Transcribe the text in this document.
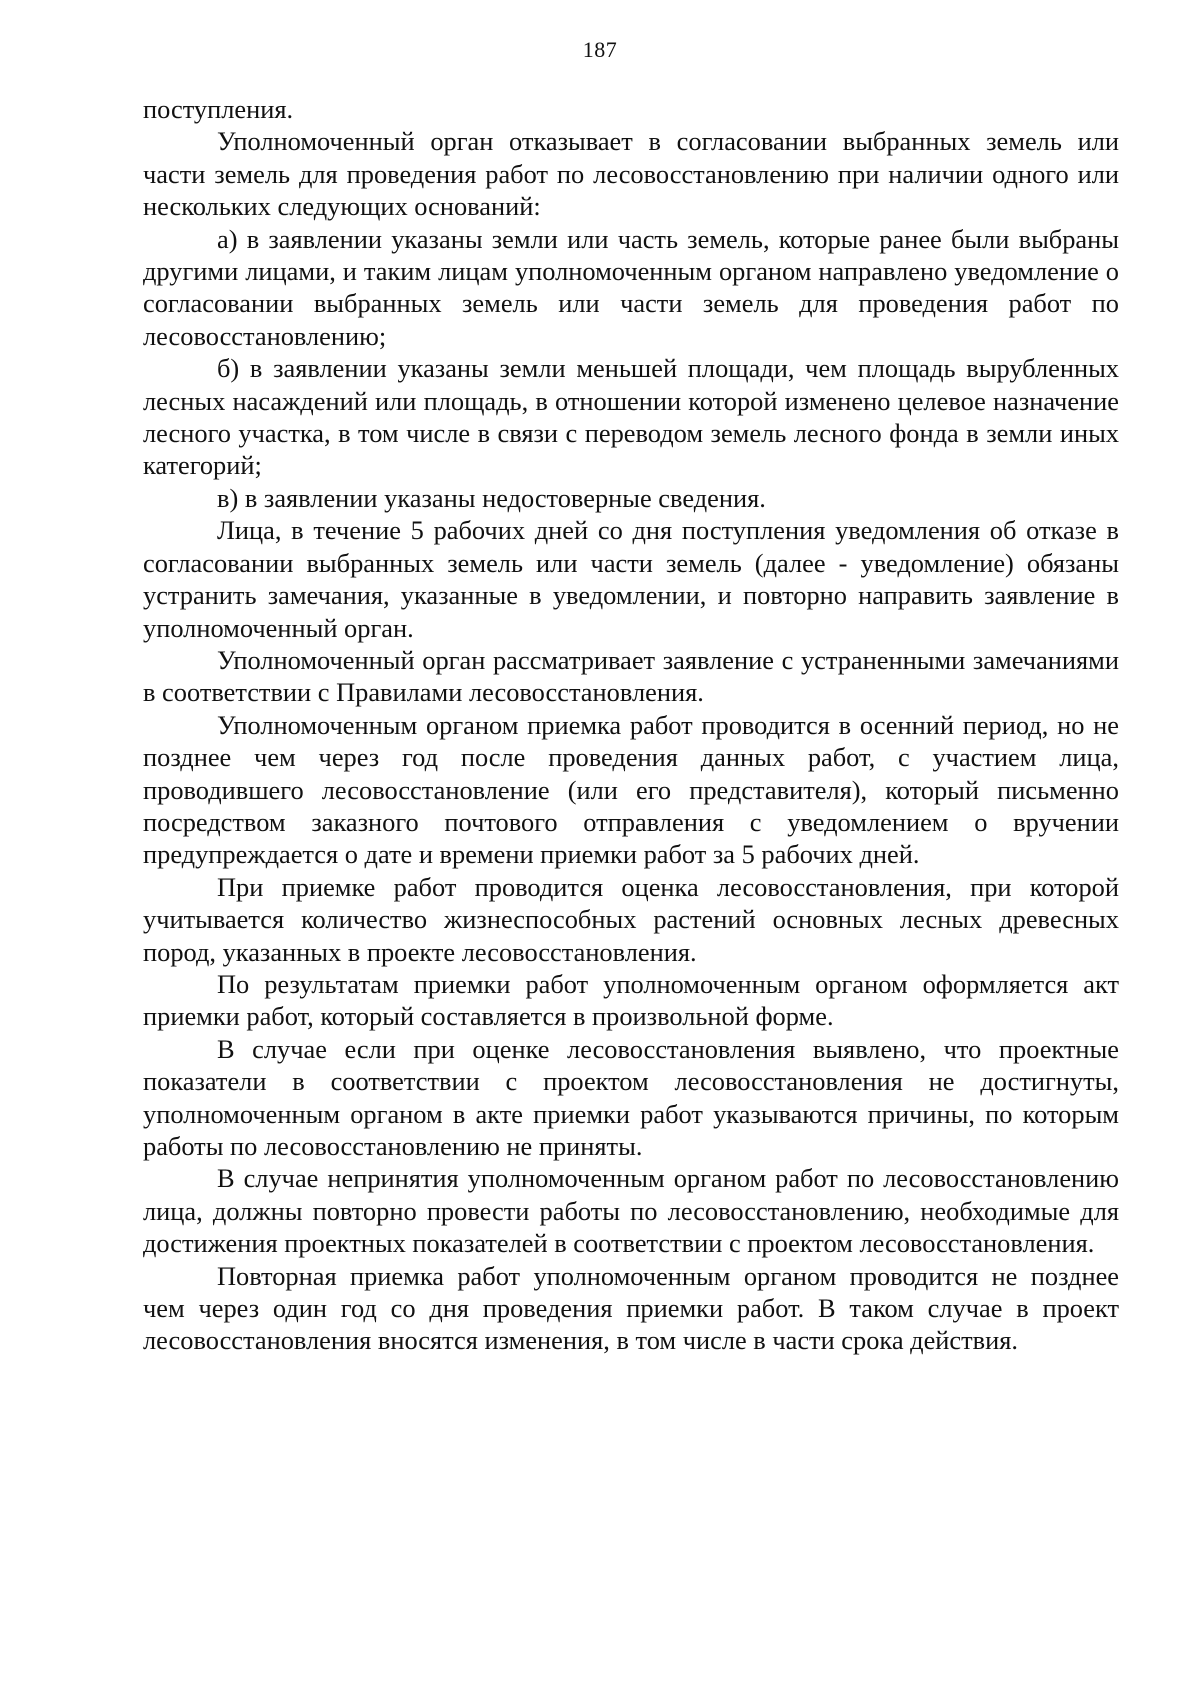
187

поступления.

Уполномоченный орган отказывает в согласовании выбранных земель или части земель для проведения работ по лесовосстановлению при наличии одного или нескольких следующих оснований:

а) в заявлении указаны земли или часть земель, которые ранее были выбраны другими лицами, и таким лицам уполномоченным органом направлено уведомление о согласовании выбранных земель или части земель для проведения работ по лесовосстановлению;

б) в заявлении указаны земли меньшей площади, чем площадь вырубленных лесных насаждений или площадь, в отношении которой изменено целевое назначение лесного участка, в том числе в связи с переводом земель лесного фонда в земли иных категорий;

в) в заявлении указаны недостоверные сведения.

Лица, в течение 5 рабочих дней со дня поступления уведомления об отказе в согласовании выбранных земель или части земель (далее - уведомление) обязаны устранить замечания, указанные в уведомлении, и повторно направить заявление в уполномоченный орган.

Уполномоченный орган рассматривает заявление с устраненными замечаниями в соответствии с Правилами лесовосстановления.

Уполномоченным органом приемка работ проводится в осенний период, но не позднее чем через год после проведения данных работ, с участием лица, проводившего лесовосстановление (или его представителя), который письменно посредством заказного почтового отправления с уведомлением о вручении предупреждается о дате и времени приемки работ за 5 рабочих дней.

При приемке работ проводится оценка лесовосстановления, при которой учитывается количество жизнеспособных растений основных лесных древесных пород, указанных в проекте лесовосстановления.

По результатам приемки работ уполномоченным органом оформляется акт приемки работ, который составляется в произвольной форме.

В случае если при оценке лесовосстановления выявлено, что проектные показатели в соответствии с проектом лесовосстановления не достигнуты, уполномоченным органом в акте приемки работ указываются причины, по которым работы по лесовосстановлению не приняты.

В случае непринятия уполномоченным органом работ по лесовосстановлению лица, должны повторно провести работы по лесовосстановлению, необходимые для достижения проектных показателей в соответствии с проектом лесовосстановления.

Повторная приемка работ уполномоченным органом проводится не позднее чем через один год со дня проведения приемки работ. В таком случае в проект лесовосстановления вносятся изменения, в том числе в части срока действия.
